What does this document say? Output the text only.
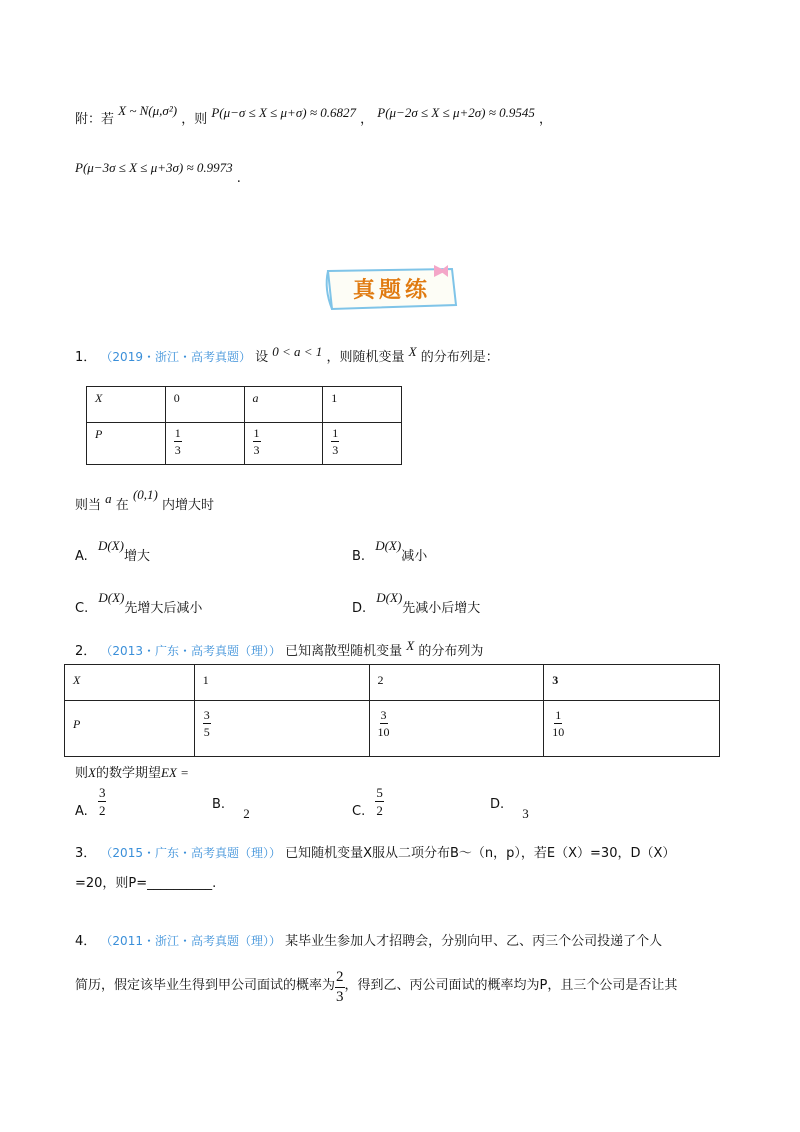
附：若 X ~ N(μ,σ²) ，则 P(μ−σ ≤ X ≤ μ+σ) ≈ 0.6827 ， P(μ−2σ ≤ X ≤ μ+2σ) ≈ 0.9545 ，
P(μ−3σ ≤ X ≤ μ+3σ) ≈ 0.9973 .
真题练
1． （2019・浙江・高考真题） 设 0 < a < 1 ，则随机变量 X 的分布列是：
X	0	a	1
P	$\frac{1}{3}$	$\frac{1}{3}$	$\frac{1}{3}$
则当 a 在 (0,1) 内增大时
A. D(X)增大	B. D(X)减小
C. D(X)先增大后减小	D. D(X)先减小后增大
2． （2013・广东・高考真题（理）） 已知离散型随机变量 X 的分布列为
X	1	2	3
P	$\frac{3}{5}$	$\frac{3}{10}$	$\frac{1}{10}$
则X的数学期望EX =
A. $\frac{3}{2}$	B. 2	C. $\frac{5}{2}$	D. 3
3． （2015・广东・高考真题（理）） 已知随机变量X服从二项分布B～（n，p），若E（X）=30，D（X）
=20，则P=__________.
4． （2011・浙江・高考真题（理）） 某毕业生参加人才招聘会，分别向甲、乙、丙三个公司投递了个人
简历，假定该毕业生得到甲公司面试的概率为 $\frac{2}{3}$ ，得到乙、丙公司面试的概率均为P，且三个公司是否让其
